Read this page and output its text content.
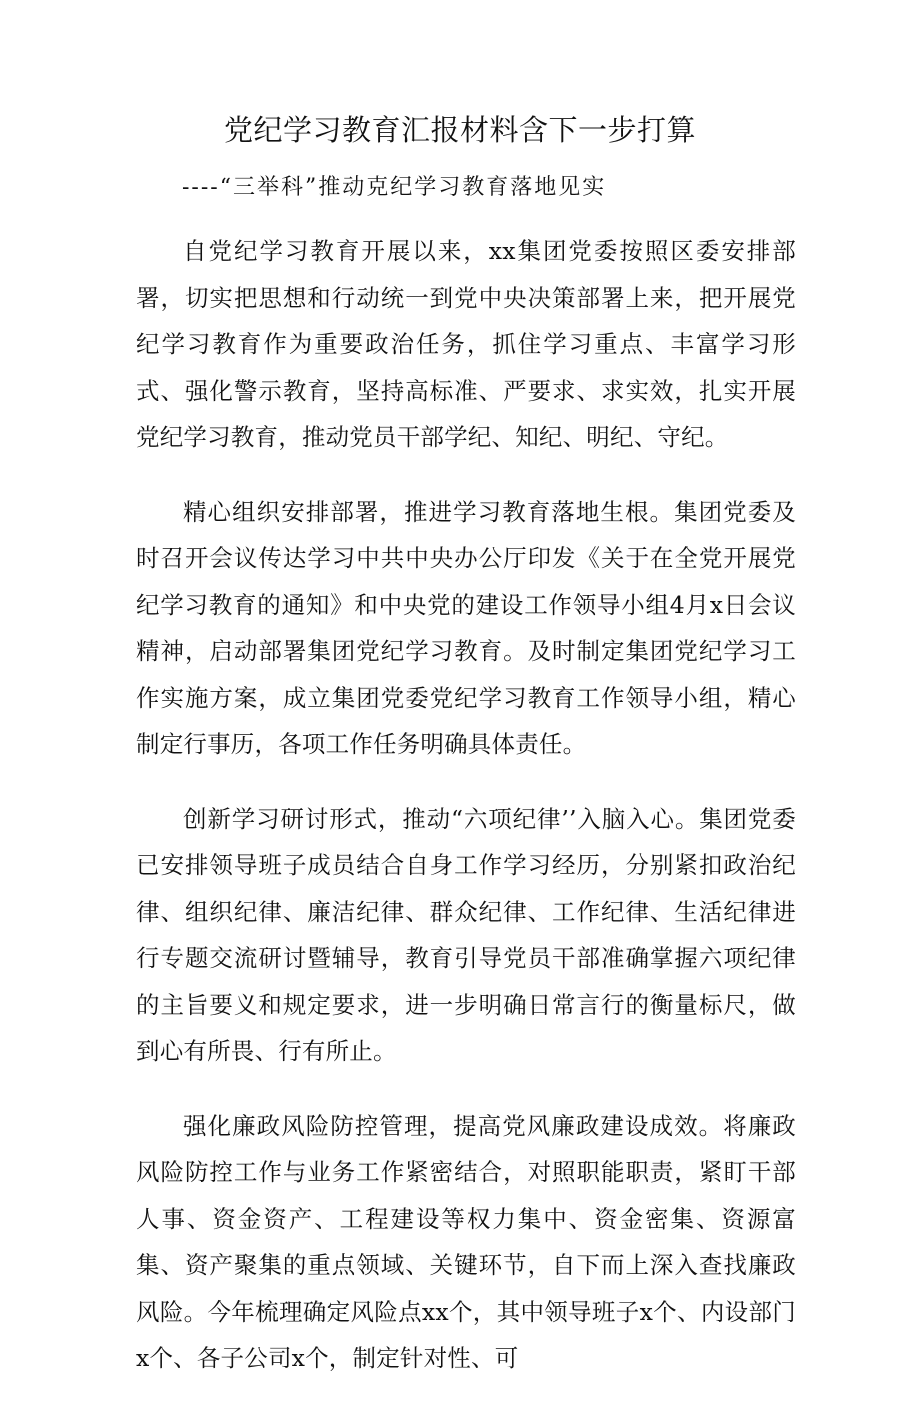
党纪学习教育汇报材料含下一步打算

----“三举科”推动克纪学习教育落地见实

自党纪学习教育开展以来，xx集团党委按照区委安排部署，切实把思想和行动统一到党中央决策部署上来，把开展党纪学习教育作为重要政治任务，抓住学习重点、丰富学习形式、强化警示教育，坚持高标准、严要求、求实效，扎实开展党纪学习教育，推动党员干部学纪、知纪、明纪、守纪。

精心组织安排部署，推进学习教育落地生根。集团党委及时召开会议传达学习中共中央办公厅印发《关于在全党开展党纪学习教育的通知》和中央党的建设工作领导小组4月x日会议精神，启动部署集团党纪学习教育。及时制定集团党纪学习工作实施方案，成立集团党委党纪学习教育工作领导小组，精心制定行事历，各项工作任务明确具体责任。

创新学习研讨形式，推动“六项纪律’’入脑入心。集团党委已安排领导班子成员结合自身工作学习经历，分别紧扣政治纪律、组织纪律、廉洁纪律、群众纪律、工作纪律、生活纪律进行专题交流研讨暨辅导，教育引导党员干部准确掌握六项纪律的主旨要义和规定要求，进一步明确日常言行的衡量标尺，做到心有所畏、行有所止。

强化廉政风险防控管理，提高党风廉政建设成效。将廉政风险防控工作与业务工作紧密结合，对照职能职责，紧盯干部人事、资金资产、工程建设等权力集中、资金密集、资源富集、资产聚集的重点领域、关键环节，自下而上深入查找廉政风险。今年梳理确定风险点xx个，其中领导班子x个、内设部门x个、各子公司x个，制定针对性、可
